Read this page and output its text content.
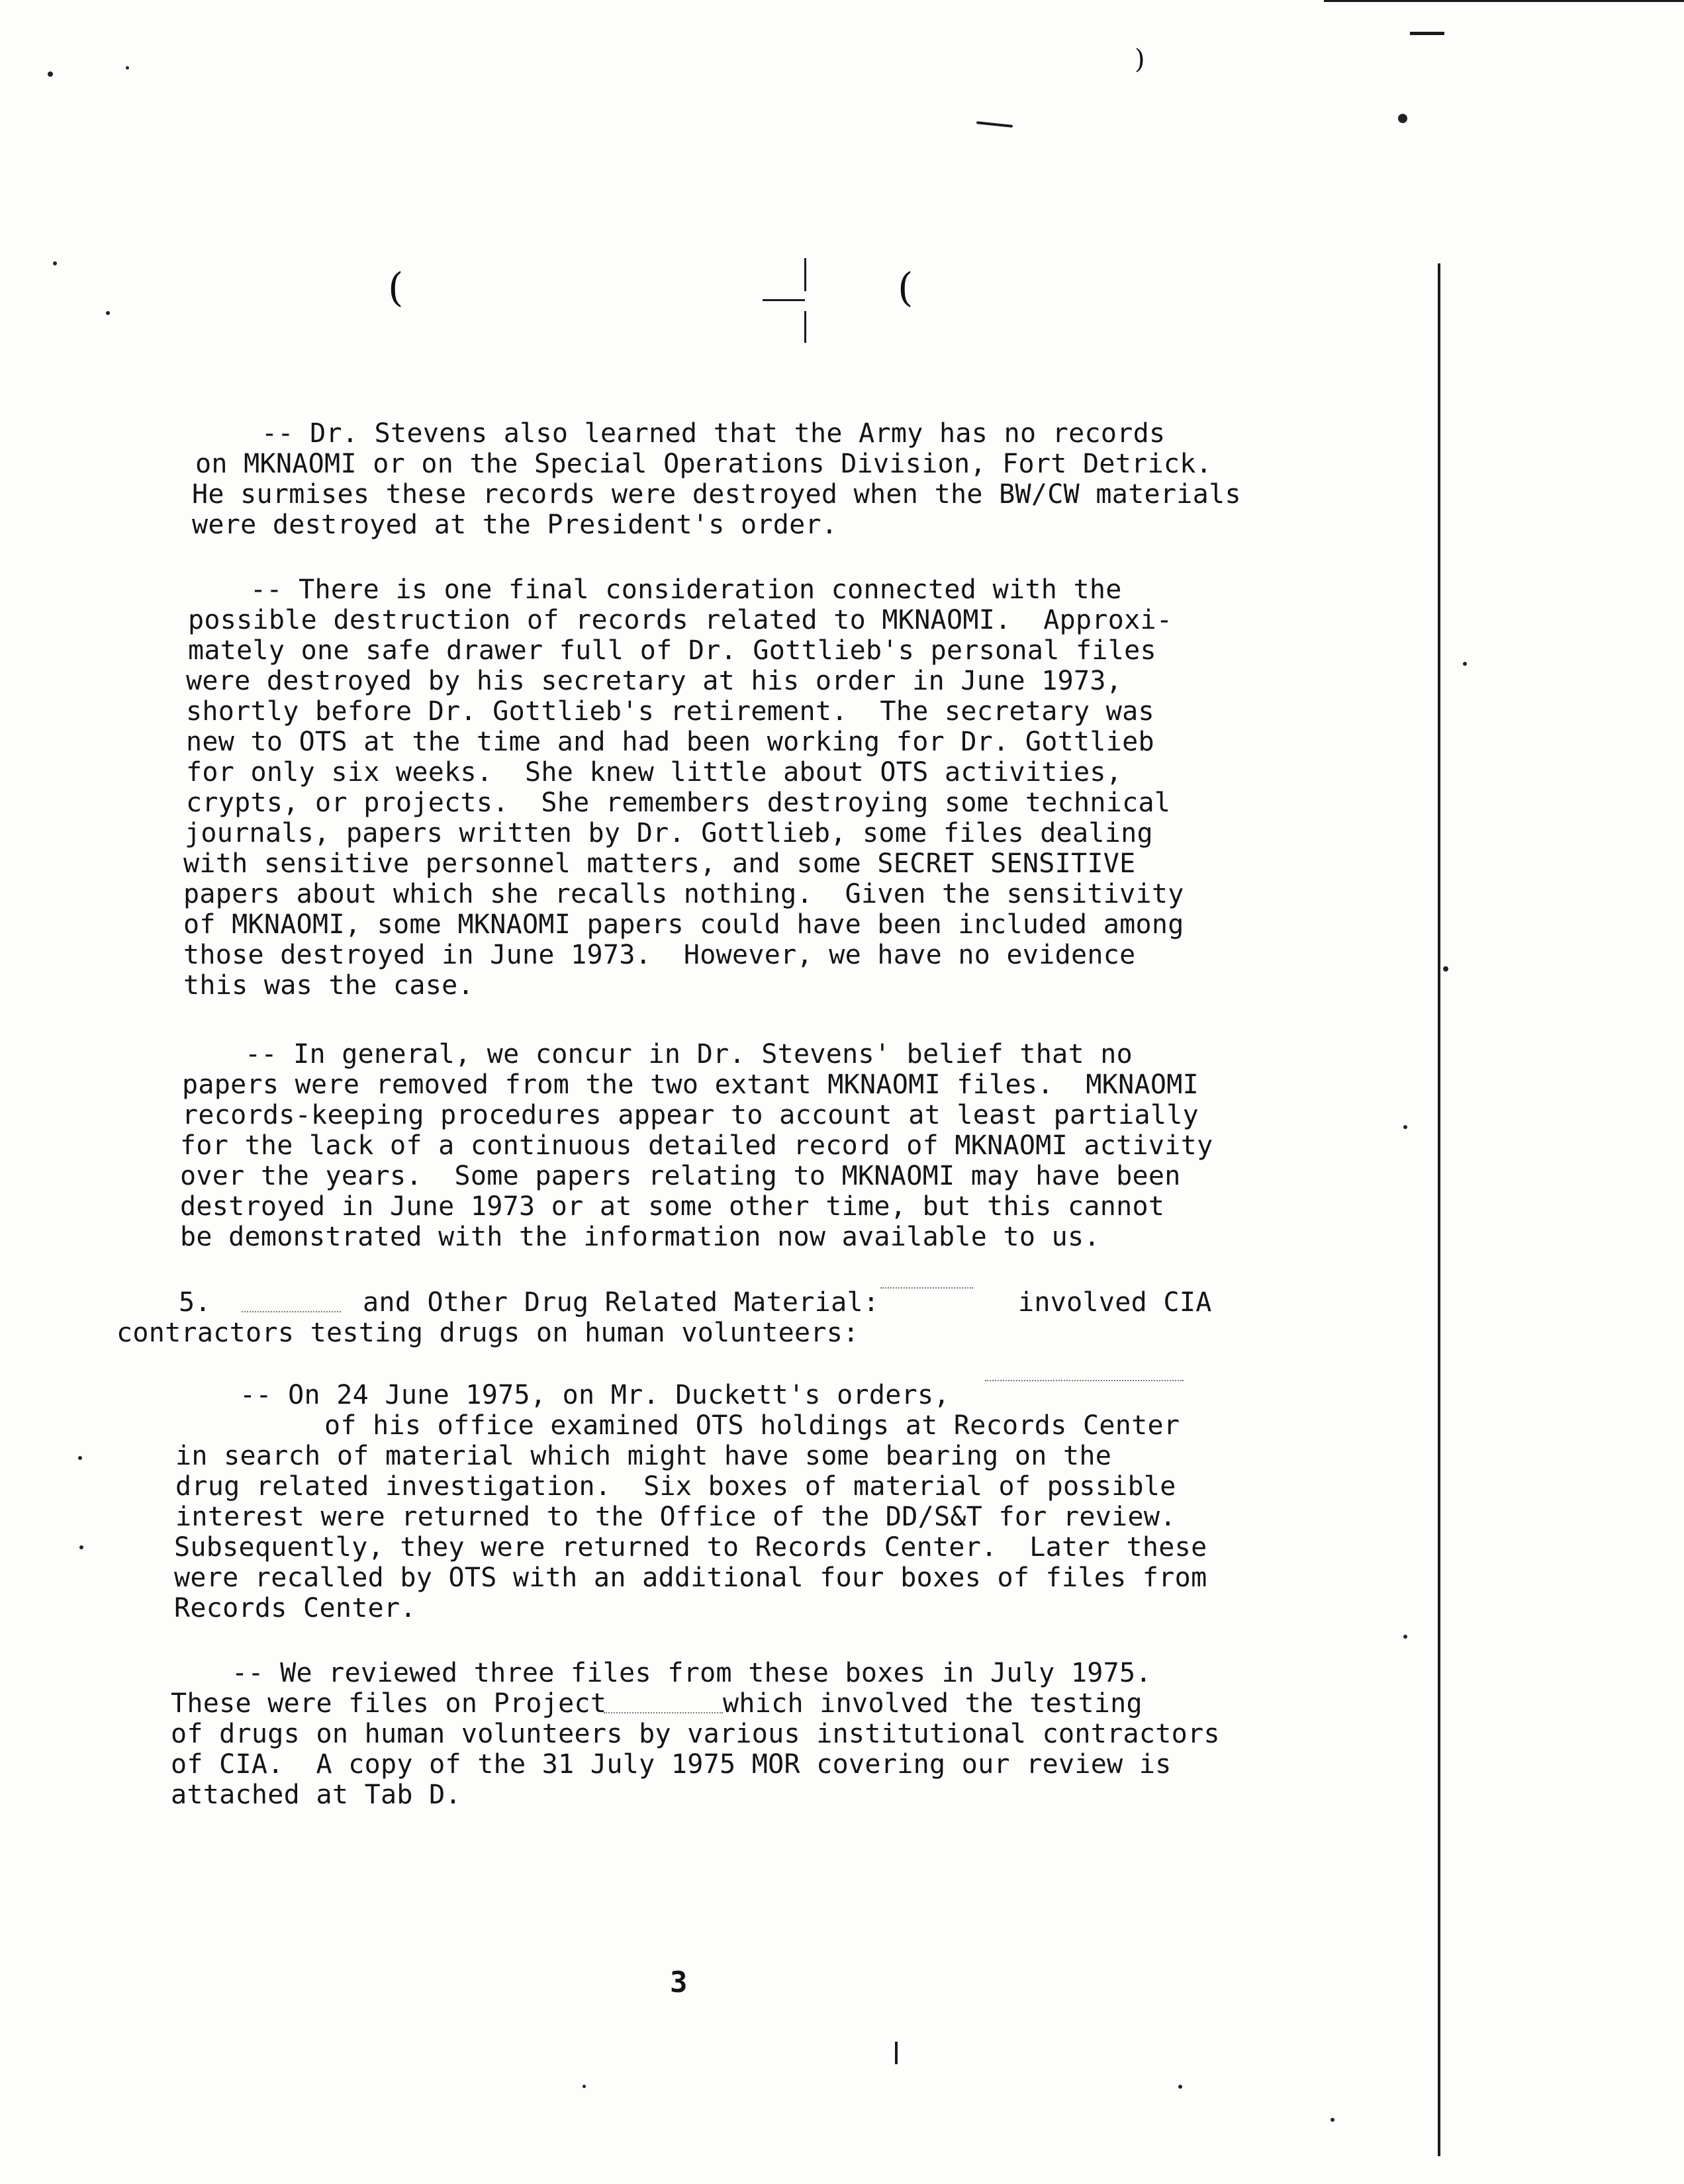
(	(
)
-- Dr. Stevens also learned that the Army has no records
on MKNAOMI or on the Special Operations Division, Fort Detrick.
He surmises these records were destroyed when the BW/CW materials
were destroyed at the President's order.
-- There is one final consideration connected with the
possible destruction of records related to MKNAOMI.  Approxi-
mately one safe drawer full of Dr. Gottlieb's personal files
were destroyed by his secretary at his order in June 1973,
shortly before Dr. Gottlieb's retirement.  The secretary was
new to OTS at the time and had been working for Dr. Gottlieb
for only six weeks.  She knew little about OTS activities,
crypts, or projects.  She remembers destroying some technical
journals, papers written by Dr. Gottlieb, some files dealing
with sensitive personnel matters, and some SECRET SENSITIVE
papers about which she recalls nothing.  Given the sensitivity
of MKNAOMI, some MKNAOMI papers could have been included among
those destroyed in June 1973.  However, we have no evidence
this was the case.
-- In general, we concur in Dr. Stevens' belief that no
papers were removed from the two extant MKNAOMI files.  MKNAOMI
records-keeping procedures appear to account at least partially
for the lack of a continuous detailed record of MKNAOMI activity
over the years.  Some papers relating to MKNAOMI may have been
destroyed in June 1973 or at some other time, but this cannot
be demonstrated with the information now available to us.
5.	and Other Drug Related Material:	involved CIA
contractors testing drugs on human volunteers:
-- On 24 June 1975, on Mr. Duckett's orders,
of his office examined OTS holdings at Records Center
in search of material which might have some bearing on the
drug related investigation.  Six boxes of material of possible
interest were returned to the Office of the DD/S&T for review.
Subsequently, they were returned to Records Center.  Later these
were recalled by OTS with an additional four boxes of files from
Records Center.
-- We reviewed three files from these boxes in July 1975.
These were files on Project	which involved the testing
of drugs on human volunteers by various institutional contractors
of CIA.  A copy of the 31 July 1975 MOR covering our review is
attached at Tab D.
3
